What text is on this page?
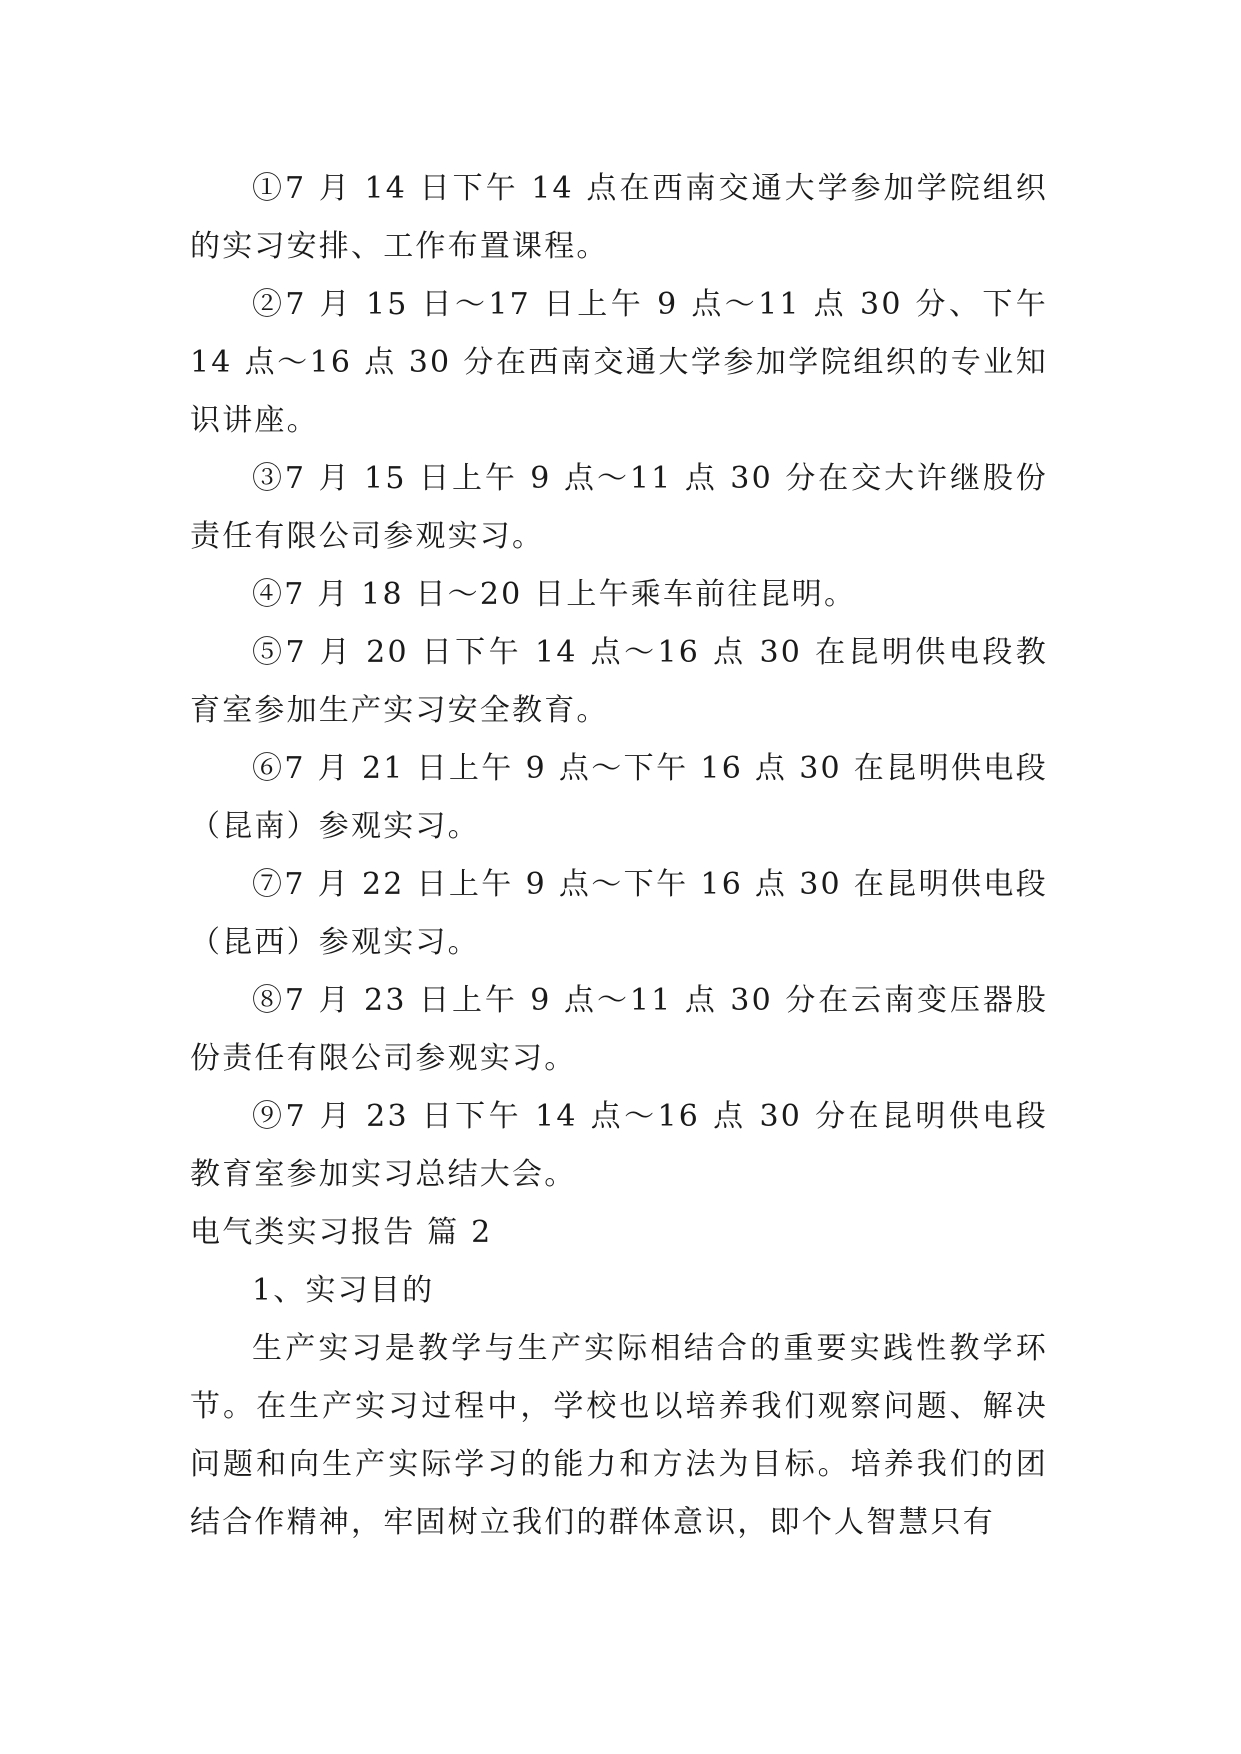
①7 月 14 日下午 14 点在西南交通大学参加学院组织的实习安排、工作布置课程。

②7 月 15 日～17 日上午 9 点～11 点 30 分、下午 14 点～16 点 30 分在西南交通大学参加学院组织的专业知识讲座。

③7 月 15 日上午 9 点～11 点 30 分在交大许继股份责任有限公司参观实习。

④7 月 18 日～20 日上午乘车前往昆明。

⑤7 月 20 日下午 14 点～16 点 30 在昆明供电段教育室参加生产实习安全教育。

⑥7 月 21 日上午 9 点～下午 16 点 30 在昆明供电段（昆南）参观实习。

⑦7 月 22 日上午 9 点～下午 16 点 30 在昆明供电段（昆西）参观实习。

⑧7 月 23 日上午 9 点～11 点 30 分在云南变压器股份责任有限公司参观实习。

⑨7 月 23 日下午 14 点～16 点 30 分在昆明供电段教育室参加实习总结大会。

电气类实习报告 篇 2

1、实习目的

生产实习是教学与生产实际相结合的重要实践性教学环节。在生产实习过程中，学校也以培养我们观察问题、解决问题和向生产实际学习的能力和方法为目标。培养我们的团结合作精神，牢固树立我们的群体意识，即个人智慧只有
